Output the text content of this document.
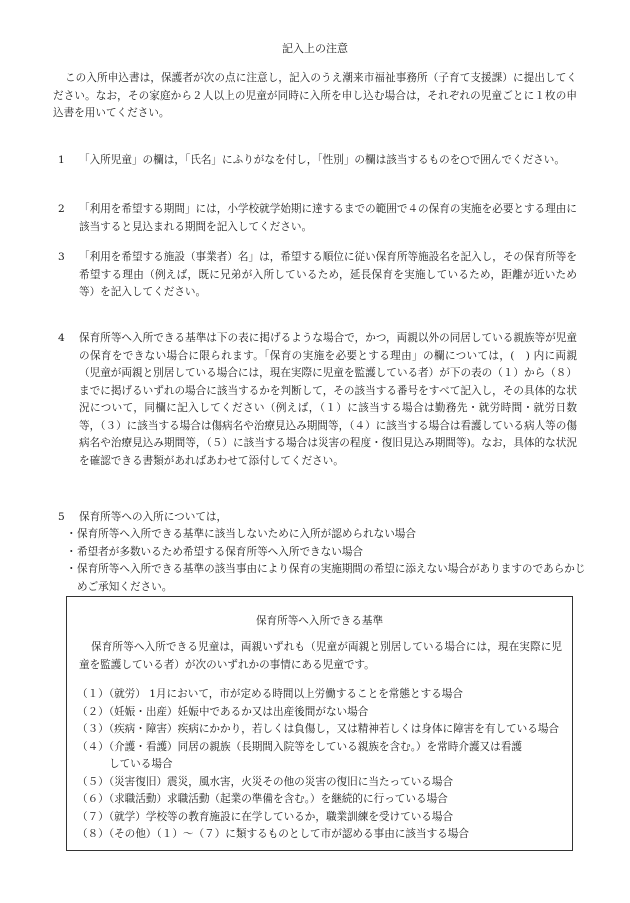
記入上の注意
この入所申込書は，保護者が次の点に注意し，記入のうえ潮来市福祉事務所（子育て支援課）に提出してください。なお，その家庭から２人以上の児童が同時に入所を申し込む場合は，それぞれの児童ごとに１枚の申込書を用いてください。
1 「入所児童」の欄は，「氏名」にふりがなを付し，「性別」の欄は該当するものを○で囲んでください。
2 「利用を希望する期間」には，小学校就学始期に達するまでの範囲で４の保育の実施を必要とする理由に該当すると見込まれる期間を記入してください。
3 「利用を希望する施設（事業者）名」は，希望する順位に従い保育所等施設名を記入し，その保育所等を希望する理由（例えば，既に兄弟が入所しているため，延長保育を実施しているため，距離が近いため等）を記入してください。
4 保育所等へ入所できる基準は下の表に掲げるような場合で，かつ，両親以外の同居している親族等が児童の保育をできない場合に限られます。「保育の実施を必要とする理由」の欄については，(　) 内に両親（児童が両親と別居している場合には，現在実際に児童を監護している者）が下の表の（１）から（８）までに掲げるいずれの場合に該当するかを判断して，その該当する番号をすべて記入し，その具体的な状況について，同欄に記入してください（例えば，（１）に該当する場合は勤務先・就労時間・就労日数等，（３）に該当する場合は傷病名や治療見込み期間等，（４）に該当する場合は看護している病人等の傷病名や治療見込み期間等，（５）に該当する場合は災害の程度・復旧見込み期間等)。なお，具体的な状況を確認できる書類があればあわせて添付してください。
5 保育所等への入所については，
・ 保育所等へ入所できる基準に該当しないために入所が認められない場合
・ 希望者が多数いるため希望する保育所等へ入所できない場合
・ 保育所等へ入所できる基準の該当事由により保育の実施期間の希望に添えない場合がありますのであらかじめご承知ください。
保育所等へ入所できる基準
保育所等へ入所できる児童は，両親いずれも（児童が両親と別居している場合には，現在実際に児童を監護している者）が次のいずれかの事情にある児童です。
（１）（就労） 1月において，市が定める時間以上労働することを常態とする場合
（２）（妊娠・出産）妊娠中であるか又は出産後間がない場合
（３）（疾病・障害）疾病にかかり，若しくは負傷し，又は精神若しくは身体に障害を有している場合
（４）（介護・看護）同居の親族（長期間入院等をしている親族を含む。）を常時介護又は看護
している場合
（５）（災害復旧）震災，風水害，火災その他の災害の復旧に当たっている場合
（６）（求職活動）求職活動（起業の準備を含む。）を継続的に行っている場合
（７）（就学）学校等の教育施設に在学しているか，職業訓練を受けている場合
（８）（その他）（１）～（７）に類するものとして市が認める事由に該当する場合
